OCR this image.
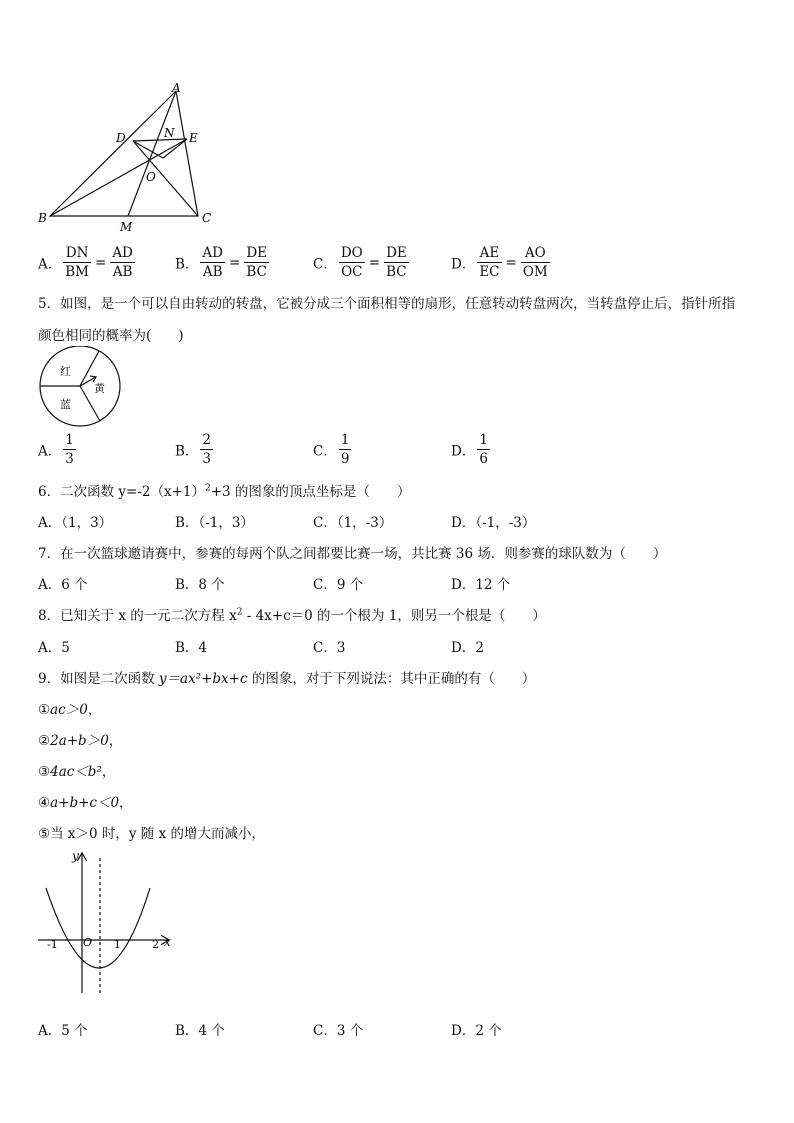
A
D	N E
O
B	C
M
A． $\frac{DN}{BM} = \frac{AD}{AB}$	B． $\frac{AD}{AB} = \frac{DE}{BC}$	C． $\frac{DO}{OC} = \frac{DE}{BC}$	D． $\frac{AE}{EC} = \frac{AO}{OM}$
5．如图，是一个可以自由转动的转盘，它被分成三个面积相等的扇形，任意转动转盘两次，当转盘停止后，指针所指
颜色相同的概率为(　　)
红
黄
蓝
A． $\frac{1}{3}$	B． $\frac{2}{3}$	C． $\frac{1}{9}$	D． $\frac{1}{6}$
6．二次函数 $y=-2(x+1)^2+3$ 的图象的顶点坐标是（　　）
A．（1，3）	B．（-1，3）	C．（1，-3）	D．（-1，-3）
7．在一次篮球邀请赛中，参赛的每两个队之间都要比赛一场，共比赛 36 场．则参赛的球队数为（　　）
A．6 个	B．8 个	C．9 个	D．12 个
8．已知关于 x 的一元二次方程 $x^2 - 4x+c=0$ 的一个根为 1，则另一个根是（　　）
A．5	B．4	C．3	D．2
9．如图是二次函数 y＝ax²+bx+c 的图象，对于下列说法：其中正确的有（　　）
①ac＞0，
②2a+b＞0，
③4ac＜b²，
④a+b+c＜0，
⑤当 x＞0 时，y 随 x 的增大而减小，
y
x
-1 O 1	2
A．5 个	B．4 个	C．3 个	D．2 个
